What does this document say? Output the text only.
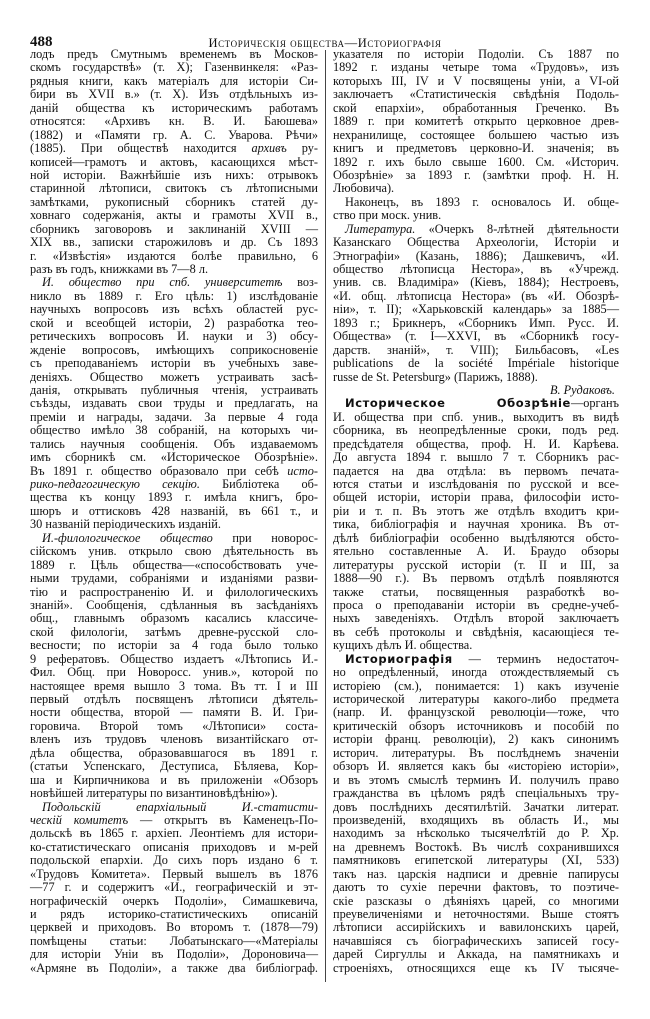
488	Историческія общества—Историографія
лодъ предъ Смутнымъ временемъ въ Москов-
скомъ государствѣ» (т. X); Газенвинкеля: «Раз-
рядныя книги, какъ матеріалъ для исторіи Си-
бири въ XVII в.» (т. X). Изъ отдѣльныхъ из-
даній общества къ историческимъ работамъ
относятся: «Архивъ кн. В. И. Баюшева»
(1882) и «Памяти гр. А. С. Уварова. Рѣчи»
(1885). При обществѣ находится архивъ ру-
кописей—грамотъ и актовъ, касающихся мѣст-
ной исторіи. Важнѣйшіе изъ нихъ: отрывокъ
старинной лѣтописи, свитокъ съ лѣтописными
замѣтками, рукописный сборникъ статей ду-
ховнаго содержанія, акты и грамоты XVII в.,
сборникъ заговоровъ и заклинаній XVIII —
XIX вв., записки старожиловъ и др. Съ 1893
г. «Извѣстія» издаются болѣе правильно, 6
разъ въ годъ, книжками въ 7—8 л.
И. общество при спб. университетѣ воз-
никло въ 1889 г. Его цѣль: 1) изслѣдованіе
научныхъ вопросовъ изъ всѣхъ областей рус-
ской и всеобщей исторіи, 2) разработка тео-
ретическихъ вопросовъ И. науки и 3) обсу-
жденіе вопросовъ, имѣющихъ соприкосновеніе
съ преподаваніемъ исторіи въ учебныхъ заве-
деніяхъ. Общество можетъ устраивать засѣ-
данія, открывать публичныя чтенія, устраивать
съѣзды, издавать свои труды и предлагать, на
преміи и награды, задачи. За первые 4 года
общество имѣло 38 собраній, на которыхъ чи-
тались научныя сообщенія. Объ издаваемомъ
имъ сборникѣ см. «Историческое Обозрѣніе».
Въ 1891 г. общество образовало при себѣ исто-
рико-педагогическую секцію. Библіотека об-
щества къ концу 1893 г. имѣла книгъ, бро-
шюръ и оттисковъ 428 названій, въ 661 т., и
30 названій періодическихъ изданій.
И.-филологическое общество при новорос-
сійскомъ унив. открыло свою дѣятельность въ
1889 г. Цѣль общества—«способствовать уче-
ными трудами, собраніями и изданіями разви-
тію и распространенію И. и филологическихъ
знаній». Сообщенія, сдѣланныя въ засѣданіяхъ
общ., главнымъ образомъ касались классиче-
ской филологіи, затѣмъ древне-русской сло-
весности; по исторіи за 4 года было только
9 рефератовъ. Общество издаетъ «Лѣтопись И.-
Фил. Общ. при Новоросс. унив.», которой по
настоящее время вышло 3 тома. Въ тт. I и III
первый отдѣлъ посвященъ лѣтописи дѣятель-
ности общества, второй — памяти В. И. Гри-
горовича. Второй томъ «Лѣтописи» соста-
вленъ изъ трудовъ членовъ византійскаго от-
дѣла общества, образовавшагося въ 1891 г.
(статьи Успенскаго, Деступиса, Бѣляева, Кор-
ша и Кирпичникова и въ приложеніи «Обзоръ
новѣйшей литературы по византиновѣдѣнію»).
Подольскій епархіальный И.-статисти-
ческій комитетъ — открытъ въ Каменецъ-По-
дольскѣ въ 1865 г. архіеп. Леонтіемъ для истори-
ко-статистическаго описанія приходовъ и м-рей
подольской епархіи. До сихъ поръ издано 6 т.
«Трудовъ Комитета». Первый вышелъ въ 1876
—77 г. и содержитъ «И., географическій и эт-
нографическій очеркъ Подоліи», Симашкевича,
и рядъ историко-статистическихъ описаній
церквей и приходовъ. Во второмъ т. (1878—79)
помѣщены статьи: Лобатынскаго—«Матеріалы
для исторіи Уніи въ Подоліи», Дороновича—
«Армяне въ Подоліи», а также два библіограф.
указателя по исторіи Подоліи. Съ 1887 по
1892 г. изданы четыре тома «Трудовъ», изъ
которыхъ III, IV и V посвящены уніи, а VI-ой
заключаетъ «Статистическія свѣдѣнія Подоль-
ской епархіи», обработанныя Греченко. Въ
1889 г. при комитетѣ открыто церковное древ-
нехранилище, состоящее большею частью изъ
книгъ и предметовъ церковно-И. значенія; въ
1892 г. ихъ было свыше 1600. См. «Историч.
Обозрѣніе» за 1893 г. (замѣтки проф. Н. Н.
Любовича).
Наконецъ, въ 1893 г. основалось И. обще-
ство при моск. унив.
Литература. «Очеркъ 8-лѣтней дѣятельности
Казанскаго Общества Археологіи, Исторіи и
Этнографіи» (Казань, 1886); Дашкевичъ, «И.
общество лѣтописца Нестора», въ «Учрежд.
унив. св. Владиміра» (Кіевъ, 1884); Нестроевъ,
«И. общ. лѣтописца Нестора» (въ «И. Обозрѣ-
ніи», т. II); «Харьковскій календарь» за 1885—
1893 г.; Брикнеръ, «Сборникъ Имп. Русс. И.
Общества» (т. I—XXVI, въ «Сборникѣ госу-
дарств. знаній», т. VIII); Бильбасовъ, «Les
publications de la société Impériale historique
russe de St. Petersburg» (Парижъ, 1888).
В. Рудаковъ.
Историческое Обозрѣніе—органъ
И. общества при спб. унив., выходитъ въ видѣ
сборника, въ неопредѣленные сроки, подъ ред.
предсѣдателя общества, проф. Н. И. Карѣева.
До августа 1894 г. вышло 7 т. Сборникъ рас-
падается на два отдѣла: въ первомъ печата-
ются статьи и изслѣдованія по русской и все-
общей исторіи, исторіи права, философіи исто-
ріи и т. п. Въ этотъ же отдѣлъ входитъ кри-
тика, библіографія и научная хроника. Въ от-
дѣлѣ библіографіи особенно выдѣляются обсто-
ятельно составленные А. И. Браудо обзоры
литературы русской исторіи (т. II и III, за
1888—90 г.). Въ первомъ отдѣлѣ появляются
также статьи, посвященныя разработкѣ во-
проса о преподаваніи исторіи въ средне-учеб-
ныхъ заведеніяхъ. Отдѣлъ второй заключаетъ
въ себѣ протоколы и свѣдѣнія, касающіеся те-
кущихъ дѣлъ И. общества.
Историографія — терминъ недостаточ-
но опредѣленный, иногда отождествляемый съ
исторіею (см.), понимается: 1) какъ изученіе
исторической литературы какого-либо предмета
(напр. И. французской революціи—тоже, что
критическій обзоръ источниковъ и пособій по
исторіи франц. революціи), 2) какъ синонимъ
историч. литературы. Въ послѣднемъ значеніи
обзоръ И. является какъ бы «исторіею исторіи»,
и въ этомъ смыслѣ терминъ И. получилъ право
гражданства въ цѣломъ рядѣ спеціальныхъ тру-
довъ послѣднихъ десятилѣтій. Зачатки литерат.
произведеній, входящихъ въ область И., мы
находимъ за нѣсколько тысячелѣтій до Р. Хр.
на древнемъ Востокѣ. Въ числѣ сохранившихся
памятниковъ египетской литературы (XI, 533)
такъ наз. царскія надписи и древніе папирусы
даютъ то сухіе перечни фактовъ, то поэтиче-
скіе разсказы о дѣяніяхъ царей, со многими
преувеличеніями и неточностями. Выше стоятъ
лѣтописи ассирійскихъ и вавилонскихъ царей,
начавшіяся съ біографическихъ записей госу-
дарей Сиргуллы и Аккада, на памятникахъ и
строеніяхъ, относящихся еще къ IV тысяче-
